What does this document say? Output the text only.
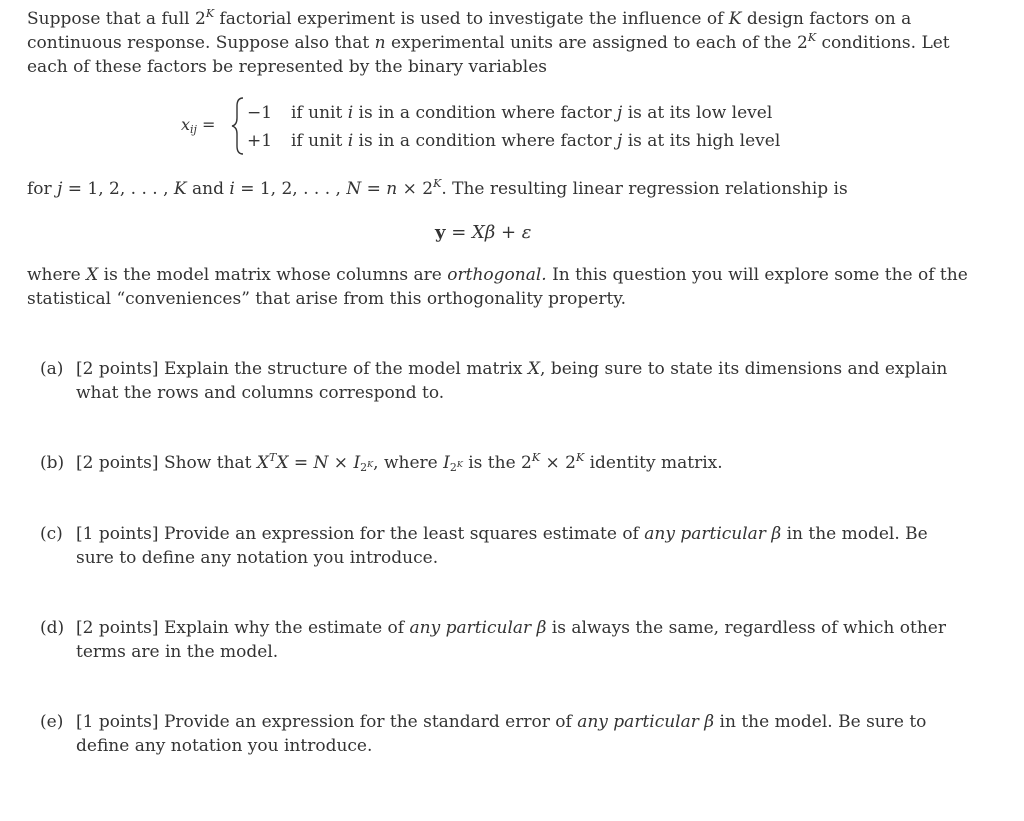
Suppose that a full $2^K$ factorial experiment is used to investigate the influence of K design factors on a
continuous response. Suppose also that n experimental units are assigned to each of the $2^K$ conditions. Let
each of these factors be represented by the binary variables
$x_{ij}$ =
−1 if unit i is in a condition where factor j is at its low level
+1 if unit i is in a condition where factor j is at its high level
for j = 1, 2, . . . , K and i = 1, 2, . . . , $N = n \times 2^K$. The resulting linear regression relationship is
y = Xβ + ε
where X is the model matrix whose columns are orthogonal. In this question you will explore some the of the
statistical “conveniences” that arise from this orthogonality property.
(a) [2 points] Explain the structure of the model matrix X, being sure to state its dimensions and explain
what the rows and columns correspond to.
(b) [2 points] Show that $X^TX = N \times I_{2^K}$, where $I_{2^K}$ is the $2^K \times 2^K$ identity matrix.
(c) [1 points] Provide an expression for the least squares estimate of any particular β in the model. Be
sure to define any notation you introduce.
(d) [2 points] Explain why the estimate of any particular β is always the same, regardless of which other
terms are in the model.
(e) [1 points] Provide an expression for the standard error of any particular β in the model. Be sure to
define any notation you introduce.
